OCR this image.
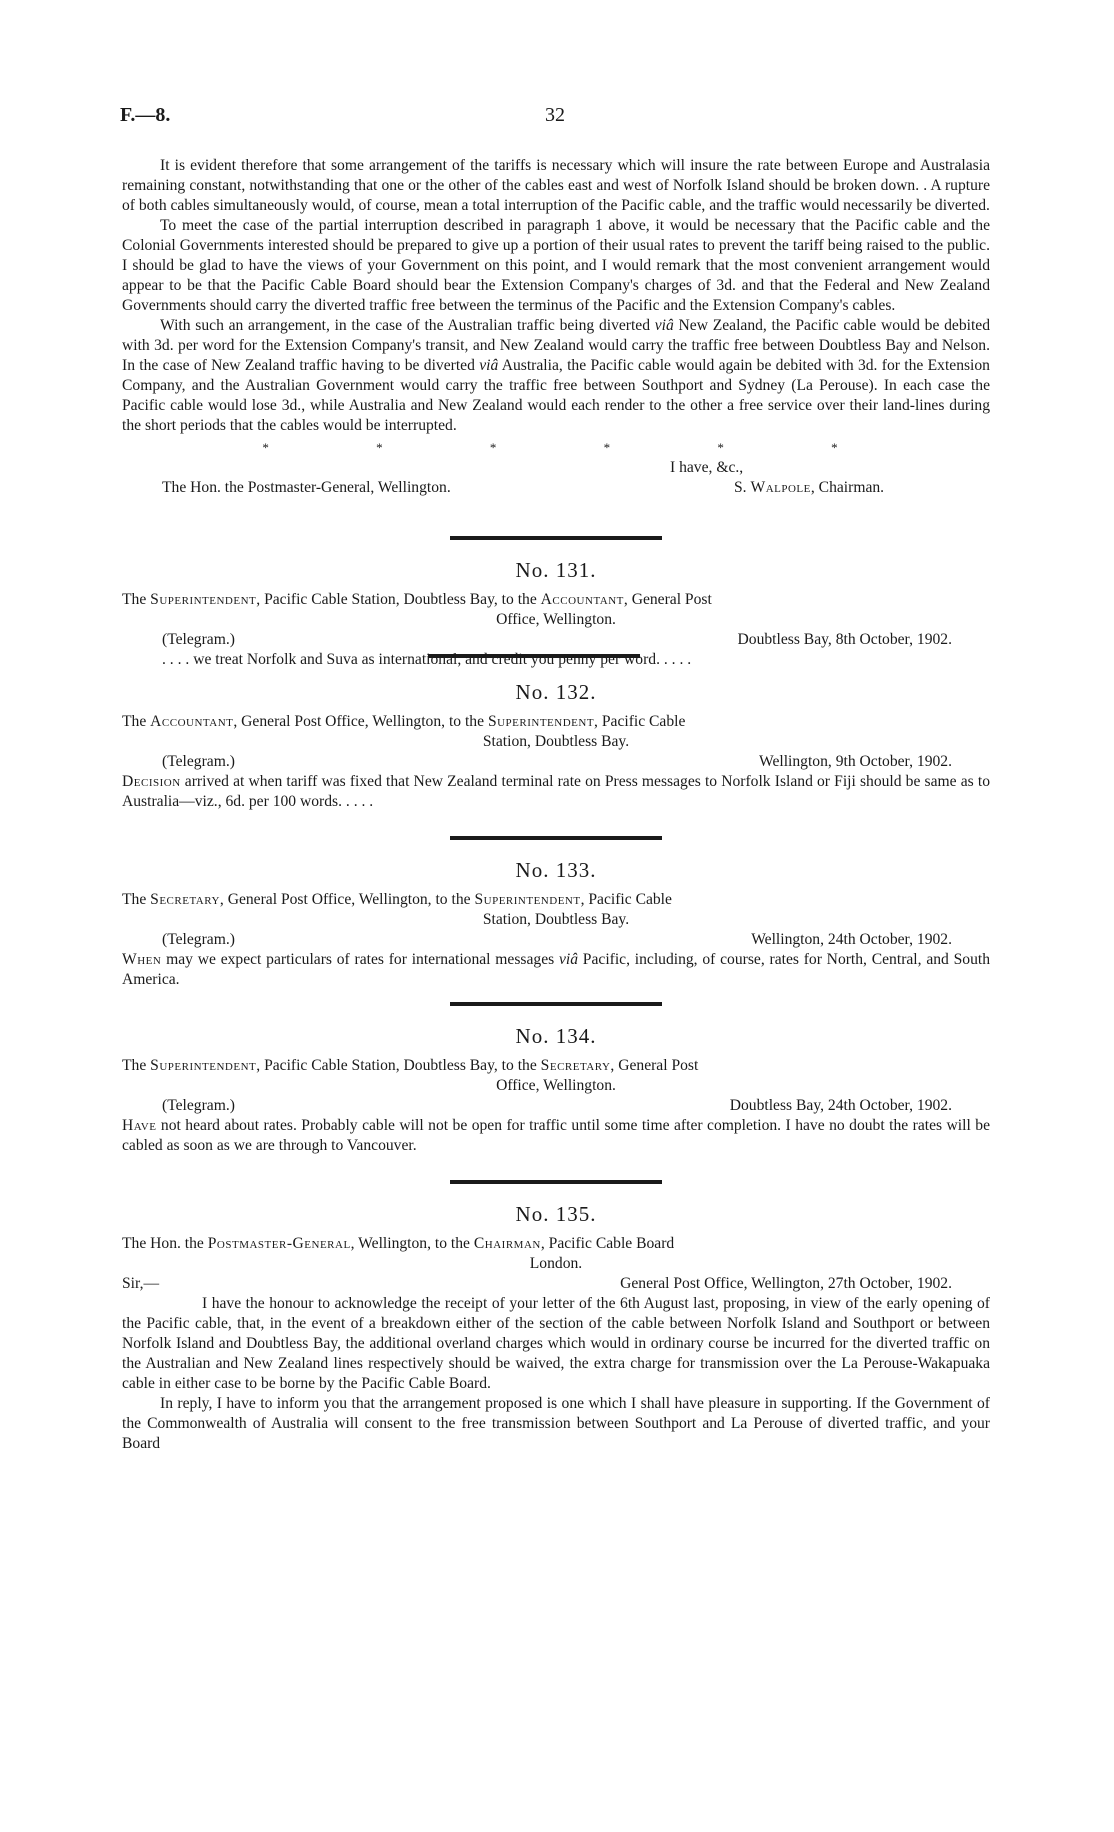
F.—8.	32

It is evident therefore that some arrangement of the tariffs is necessary which will insure the rate between Europe and Australasia remaining constant, notwithstanding that one or the other of the cables east and west of Norfolk Island should be broken down. . A rupture of both cables simultaneously would, of course, mean a total interruption of the Pacific cable, and the traffic would necessarily be diverted.

To meet the case of the partial interruption described in paragraph 1 above, it would be necessary that the Pacific cable and the Colonial Governments interested should be prepared to give up a portion of their usual rates to prevent the tariff being raised to the public. I should be glad to have the views of your Government on this point, and I would remark that the most convenient arrangement would appear to be that the Pacific Cable Board should bear the Extension Company's charges of 3d. and that the Federal and New Zealand Governments should carry the diverted traffic free between the terminus of the Pacific and the Extension Company's cables.

With such an arrangement, in the case of the Australian traffic being diverted viâ New Zealand, the Pacific cable would be debited with 3d. per word for the Extension Company's transit, and New Zealand would carry the traffic free between Doubtless Bay and Nelson. In the case of New Zealand traffic having to be diverted viâ Australia, the Pacific cable would again be debited with 3d. for the Extension Company, and the Australian Government would carry the traffic free between Southport and Sydney (La Perouse). In each case the Pacific cable would lose 3d., while Australia and New Zealand would each render to the other a free service over their land-lines during the short periods that the cables would be interrupted.

* * * * * *
I have, &c.,
The Hon. the Postmaster-General, Wellington.	S. Walpole, Chairman.
No. 131.
The Superintendent, Pacific Cable Station, Doubtless Bay, to the Accountant, General Post
Office, Wellington.
(Telegram.)	Doubtless Bay, 8th October, 1902.

. . . . we treat Norfolk and Suva as international, and credit you penny per word. . . . .

No. 132.
The Accountant, General Post Office, Wellington, to the Superintendent, Pacific Cable
Station, Doubtless Bay.
(Telegram.)	Wellington, 9th October, 1902.

Decision arrived at when tariff was fixed that New Zealand terminal rate on Press messages to Norfolk Island or Fiji should be same as to Australia—viz., 6d. per 100 words. . . . .

No. 133.
The Secretary, General Post Office, Wellington, to the Superintendent, Pacific Cable
Station, Doubtless Bay.
(Telegram.)	Wellington, 24th October, 1902.

When may we expect particulars of rates for international messages viâ Pacific, including, of course, rates for North, Central, and South America.

No. 134.
The Superintendent, Pacific Cable Station, Doubtless Bay, to the Secretary, General Post
Office, Wellington.
(Telegram.)	Doubtless Bay, 24th October, 1902.

Have not heard about rates. Probably cable will not be open for traffic until some time after completion. I have no doubt the rates will be cabled as soon as we are through to Vancouver.

No. 135.
The Hon. the Postmaster-General, Wellington, to the Chairman, Pacific Cable Board
London.
Sir,—	General Post Office, Wellington, 27th October, 1902.

I have the honour to acknowledge the receipt of your letter of the 6th August last, proposing, in view of the early opening of the Pacific cable, that, in the event of a breakdown either of the section of the cable between Norfolk Island and Southport or between Norfolk Island and Doubtless Bay, the additional overland charges which would in ordinary course be incurred for the diverted traffic on the Australian and New Zealand lines respectively should be waived, the extra charge for transmission over the La Perouse-Wakapuaka cable in either case to be borne by the Pacific Cable Board.

In reply, I have to inform you that the arrangement proposed is one which I shall have pleasure in supporting. If the Government of the Commonwealth of Australia will consent to the free transmission between Southport and La Perouse of diverted traffic, and your Board
